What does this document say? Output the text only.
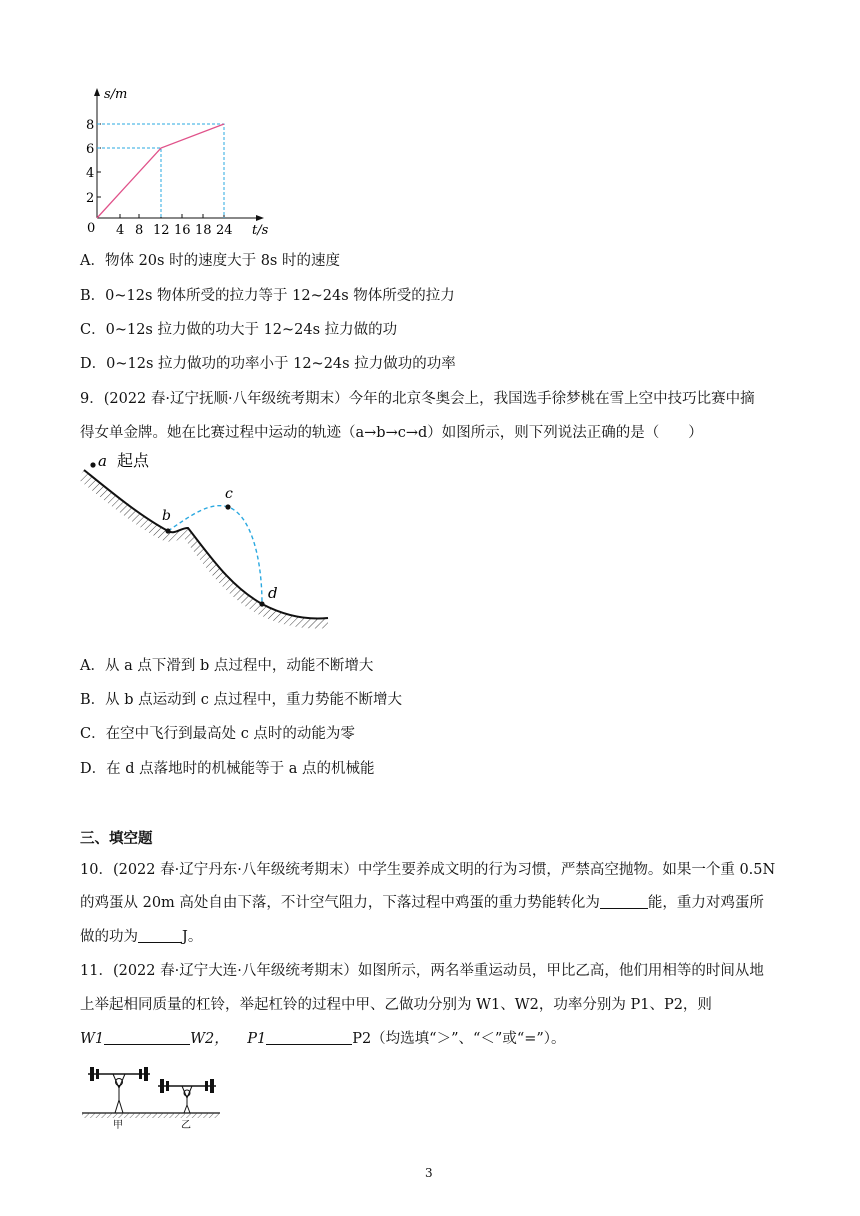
s/m
t/s
0
2
4
6
8
4 8 12 16 18 24
A．物体 20s 时的速度大于 8s 时的速度
B．0~12s 物体所受的拉力等于 12~24s 物体所受的拉力
C．0~12s 拉力做的功大于 12~24s 拉力做的功
D．0~12s 拉力做功的功率小于 12~24s 拉力做功的功率
9．(2022 春·辽宁抚顺·八年级统考期末）今年的北京冬奥会上，我国选手徐梦桃在雪上空中技巧比赛中摘
得女单金牌。她在比赛过程中运动的轨迹（a→b→c→d）如图所示，则下列说法正确的是（　　）
a 起点
b
c
d
A．从 a 点下滑到 b 点过程中，动能不断增大
B．从 b 点运动到 c 点过程中，重力势能不断增大
C．在空中飞行到最高处 c 点时的动能为零
D．在 d 点落地时的机械能等于 a 点的机械能
三、填空题
10．(2022 春·辽宁丹东·八年级统考期末）中学生要养成文明的行为习惯，严禁高空抛物。如果一个重 0.5N
的鸡蛋从 20m 高处自由下落，不计空气阻力，下落过程中鸡蛋的重力势能转化为	能，重力对鸡蛋所
做的功为	J。
11．(2022 春·辽宁大连·八年级统考期末）如图所示，两名举重运动员，甲比乙高，他们用相等的时间从地
上举起相同质量的杠铃，举起杠铃的过程中甲、乙做功分别为 W1、W2，功率分别为 P1、P2，则
W1	W2， P1	P2（均选填“＞”、“＜”或“=”）。
甲	乙
3
